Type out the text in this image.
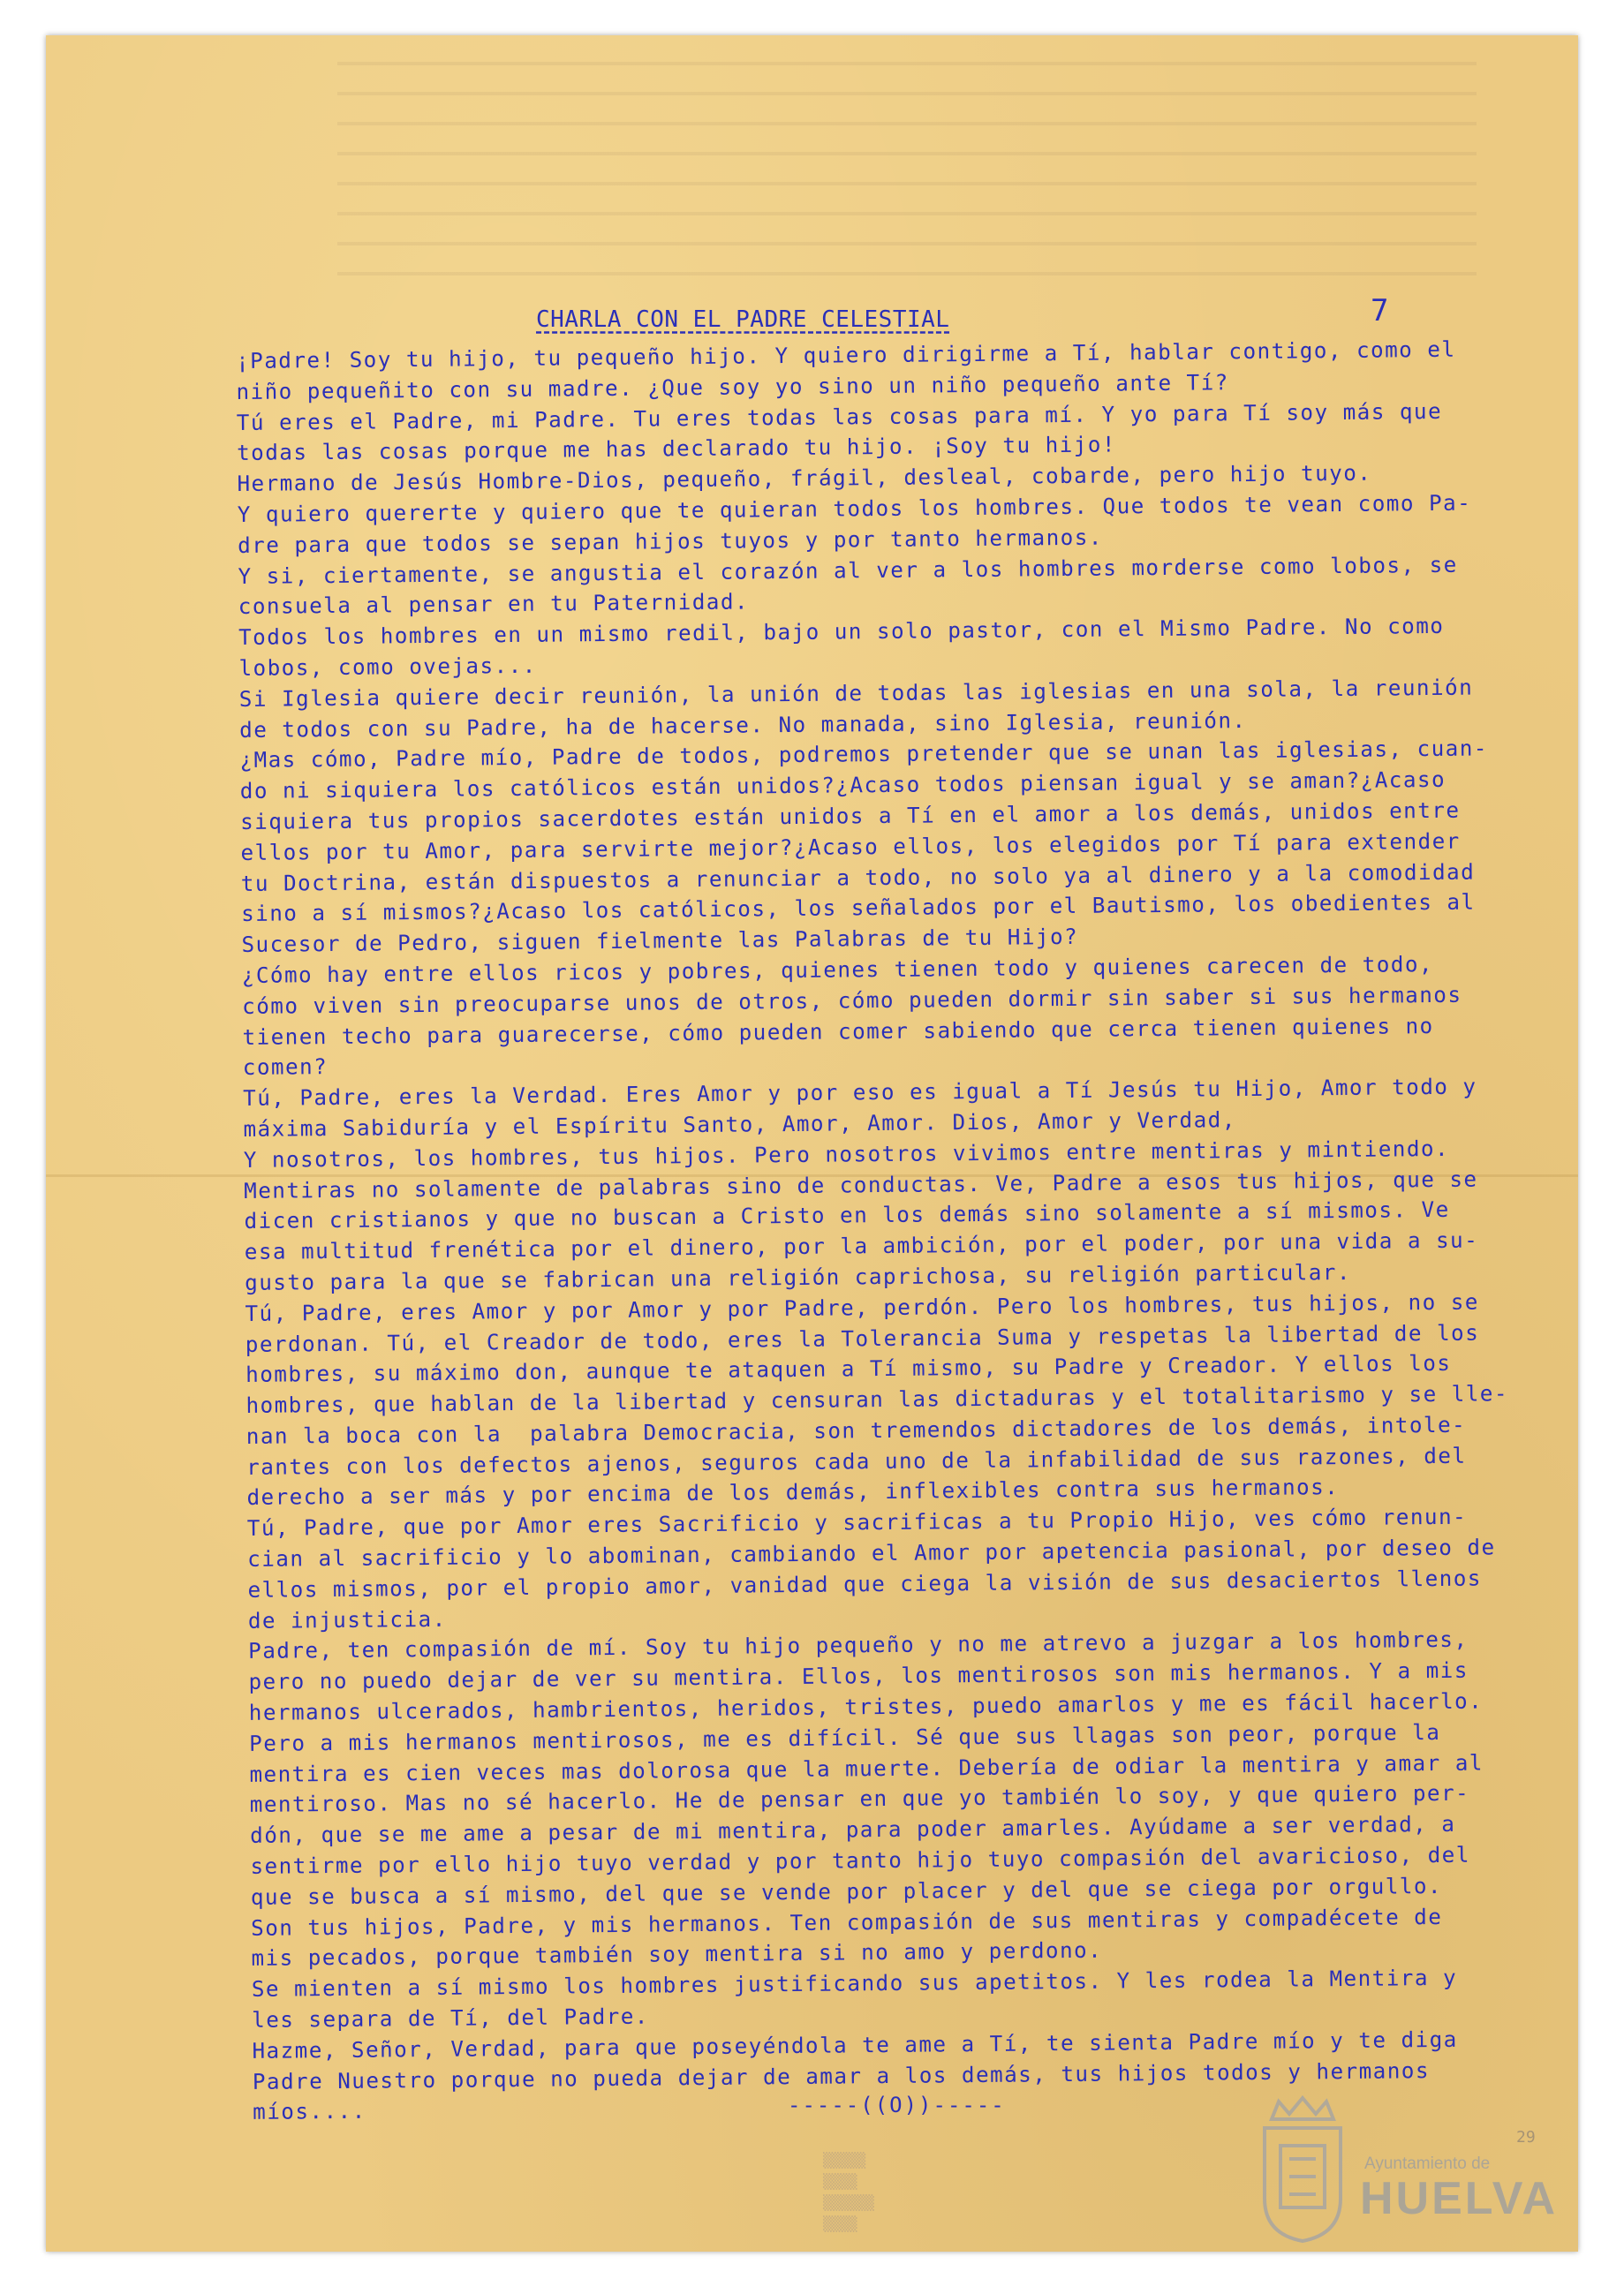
CHARLA CON EL PADRE CELESTIAL	7
¡Padre! Soy tu hijo, tu pequeño hijo. Y quiero dirigirme a Tí, hablar contigo, como el
niño pequeñito con su madre. ¿Que soy yo sino un niño pequeño ante Tí?
Tú eres el Padre, mi Padre. Tu eres todas las cosas para mí. Y yo para Tí soy más que
todas las cosas porque me has declarado tu hijo. ¡Soy tu hijo!
Hermano de Jesús Hombre-Dios, pequeño, frágil, desleal, cobarde, pero hijo tuyo.
Y quiero quererte y quiero que te quieran todos los hombres. Que todos te vean como Pa-
dre para que todos se sepan hijos tuyos y por tanto hermanos.
Y si, ciertamente, se angustia el corazón al ver a los hombres morderse como lobos, se
consuela al pensar en tu Paternidad.
Todos los hombres en un mismo redil, bajo un solo pastor, con el Mismo Padre. No como
lobos, como ovejas...
Si Iglesia quiere decir reunión, la unión de todas las iglesias en una sola, la reunión
de todos con su Padre, ha de hacerse. No manada, sino Iglesia, reunión.
¿Mas cómo, Padre mío, Padre de todos, podremos pretender que se unan las iglesias, cuan-
do ni siquiera los católicos están unidos?¿Acaso todos piensan igual y se aman?¿Acaso
siquiera tus propios sacerdotes están unidos a Tí en el amor a los demás, unidos entre
ellos por tu Amor, para servirte mejor?¿Acaso ellos, los elegidos por Tí para extender
tu Doctrina, están dispuestos a renunciar a todo, no solo ya al dinero y a la comodidad
sino a sí mismos?¿Acaso los católicos, los señalados por el Bautismo, los obedientes al
Sucesor de Pedro, siguen fielmente las Palabras de tu Hijo?
¿Cómo hay entre ellos ricos y pobres, quienes tienen todo y quienes carecen de todo,
cómo viven sin preocuparse unos de otros, cómo pueden dormir sin saber si sus hermanos
tienen techo para guarecerse, cómo pueden comer sabiendo que cerca tienen quienes no
comen?
Tú, Padre, eres la Verdad. Eres Amor y por eso es igual a Tí Jesús tu Hijo, Amor todo y
máxima Sabiduría y el Espíritu Santo, Amor, Amor. Dios, Amor y Verdad,
Y nosotros, los hombres, tus hijos. Pero nosotros vivimos entre mentiras y mintiendo.
Mentiras no solamente de palabras sino de conductas. Ve, Padre a esos tus hijos, que se
dicen cristianos y que no buscan a Cristo en los demás sino solamente a sí mismos. Ve
esa multitud frenética por el dinero, por la ambición, por el poder, por una vida a su-
gusto para la que se fabrican una religión caprichosa, su religión particular.
Tú, Padre, eres Amor y por Amor y por Padre, perdón. Pero los hombres, tus hijos, no se
perdonan. Tú, el Creador de todo, eres la Tolerancia Suma y respetas la libertad de los
hombres, su máximo don, aunque te ataquen a Tí mismo, su Padre y Creador. Y ellos los
hombres, que hablan de la libertad y censuran las dictaduras y el totalitarismo y se lle-
nan la boca con la  palabra Democracia, son tremendos dictadores de los demás, intole-
rantes con los defectos ajenos, seguros cada uno de la infabilidad de sus razones, del
derecho a ser más y por encima de los demás, inflexibles contra sus hermanos.
Tú, Padre, que por Amor eres Sacrificio y sacrificas a tu Propio Hijo, ves cómo renun-
cian al sacrificio y lo abominan, cambiando el Amor por apetencia pasional, por deseo de
ellos mismos, por el propio amor, vanidad que ciega la visión de sus desaciertos llenos
de injusticia.
Padre, ten compasión de mí. Soy tu hijo pequeño y no me atrevo a juzgar a los hombres,
pero no puedo dejar de ver su mentira. Ellos, los mentirosos son mis hermanos. Y a mis
hermanos ulcerados, hambrientos, heridos, tristes, puedo amarlos y me es fácil hacerlo.
Pero a mis hermanos mentirosos, me es difícil. Sé que sus llagas son peor, porque la
mentira es cien veces mas dolorosa que la muerte. Debería de odiar la mentira y amar al
mentiroso. Mas no sé hacerlo. He de pensar en que yo también lo soy, y que quiero per-
dón, que se me ame a pesar de mi mentira, para poder amarles. Ayúdame a ser verdad, a
sentirme por ello hijo tuyo verdad y por tanto hijo tuyo compasión del avaricioso, del
que se busca a sí mismo, del que se vende por placer y del que se ciega por orgullo.
Son tus hijos, Padre, y mis hermanos. Ten compasión de sus mentiras y compadécete de
mis pecados, porque también soy mentira si no amo y perdono.
Se mienten a sí mismo los hombres justificando sus apetitos. Y les rodea la Mentira y
les separa de Tí, del Padre.
Hazme, Señor, Verdad, para que poseyéndola te ame a Tí, te sienta Padre mío y te diga
Padre Nuestro porque no pueda dejar de amar a los demás, tus hijos todos y hermanos
míos....	-----((O))-----
▒▒▒▒▒
▒▒▒▒
▒▒▒▒▒▒
▒▒▒▒
29
Ayuntamiento de
HUELVA
